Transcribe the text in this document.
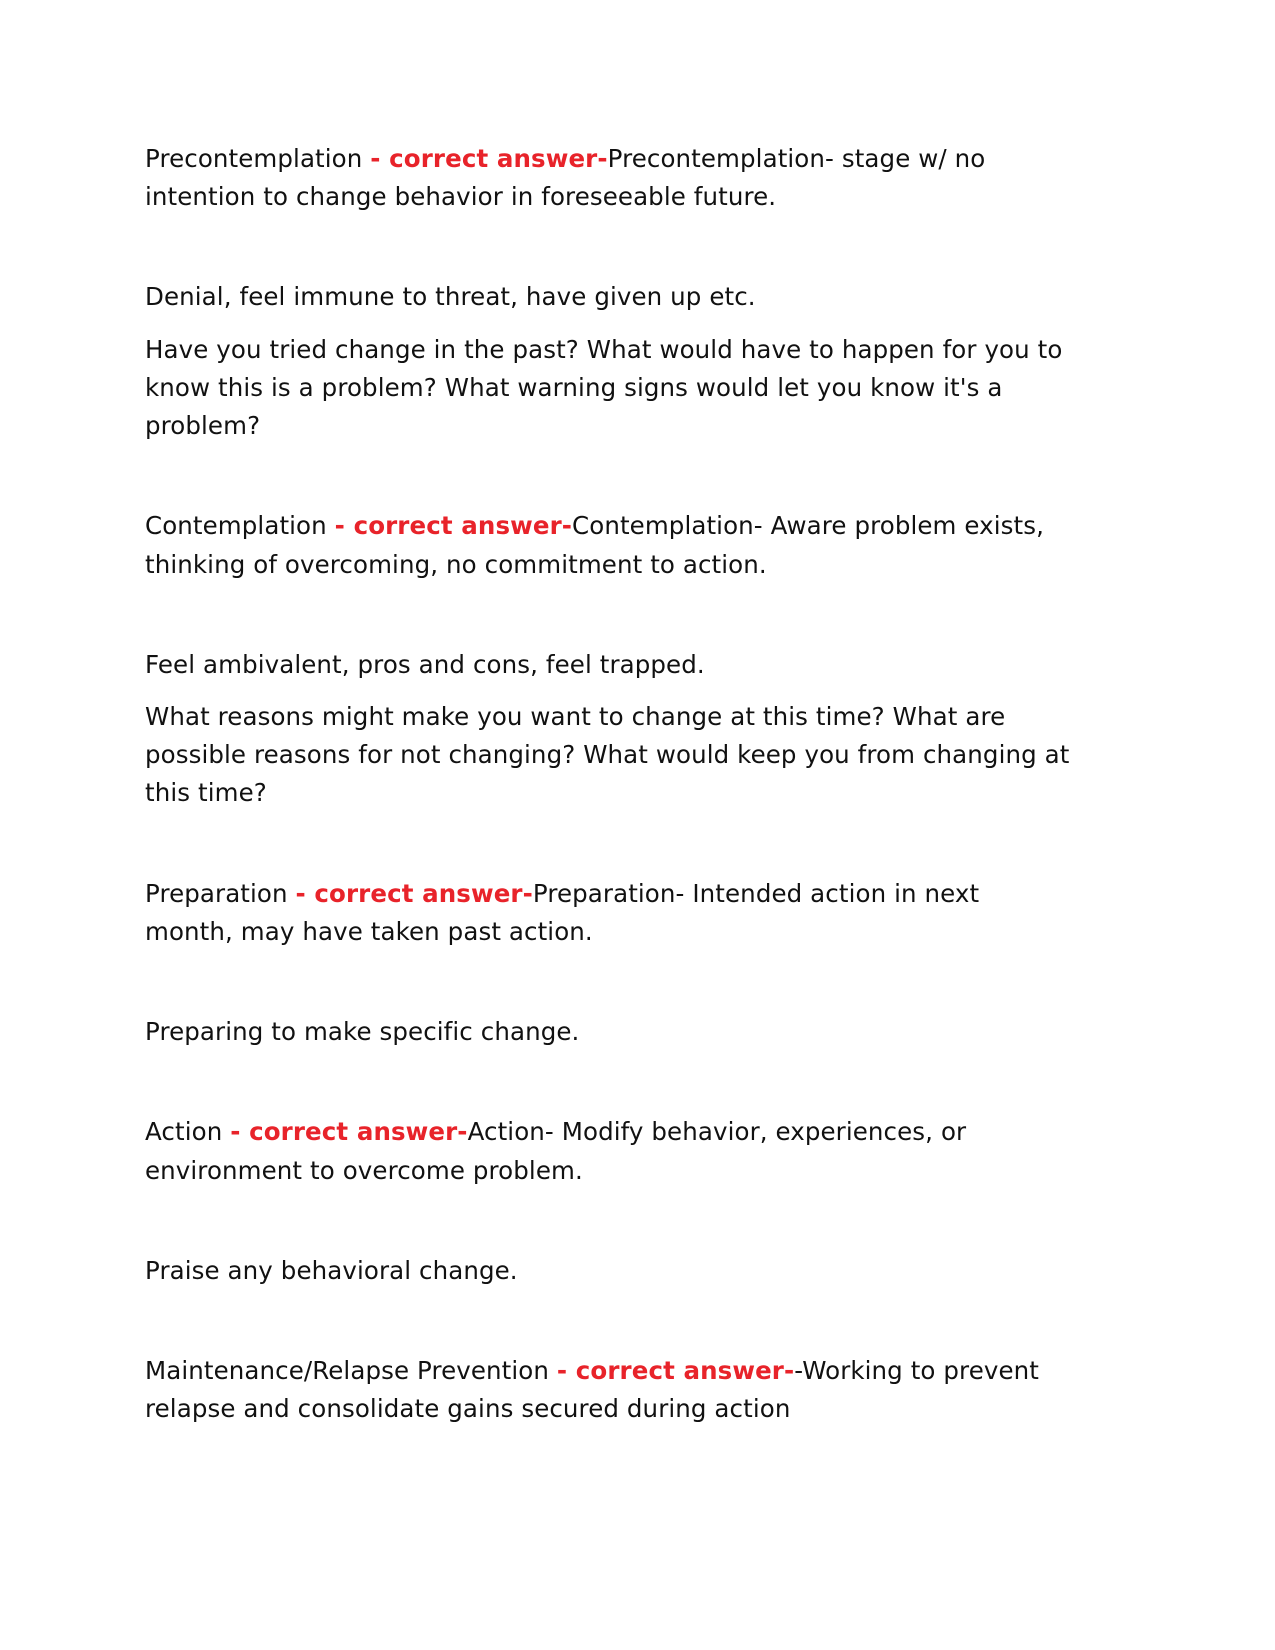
Precontemplation - correct answer-Precontemplation- stage w/ no intention to change behavior in foreseeable future.

Denial, feel immune to threat, have given up etc.

Have you tried change in the past? What would have to happen for you to know this is a problem? What warning signs would let you know it's a problem?

Contemplation - correct answer-Contemplation- Aware problem exists, thinking of overcoming, no commitment to action.

Feel ambivalent, pros and cons, feel trapped.

What reasons might make you want to change at this time? What are possible reasons for not changing? What would keep you from changing at this time?

Preparation - correct answer-Preparation- Intended action in next month, may have taken past action.

Preparing to make specific change.

Action - correct answer-Action- Modify behavior, experiences, or environment to overcome problem.

Praise any behavioral change.

Maintenance/Relapse Prevention - correct answer--Working to prevent relapse and consolidate gains secured during action
